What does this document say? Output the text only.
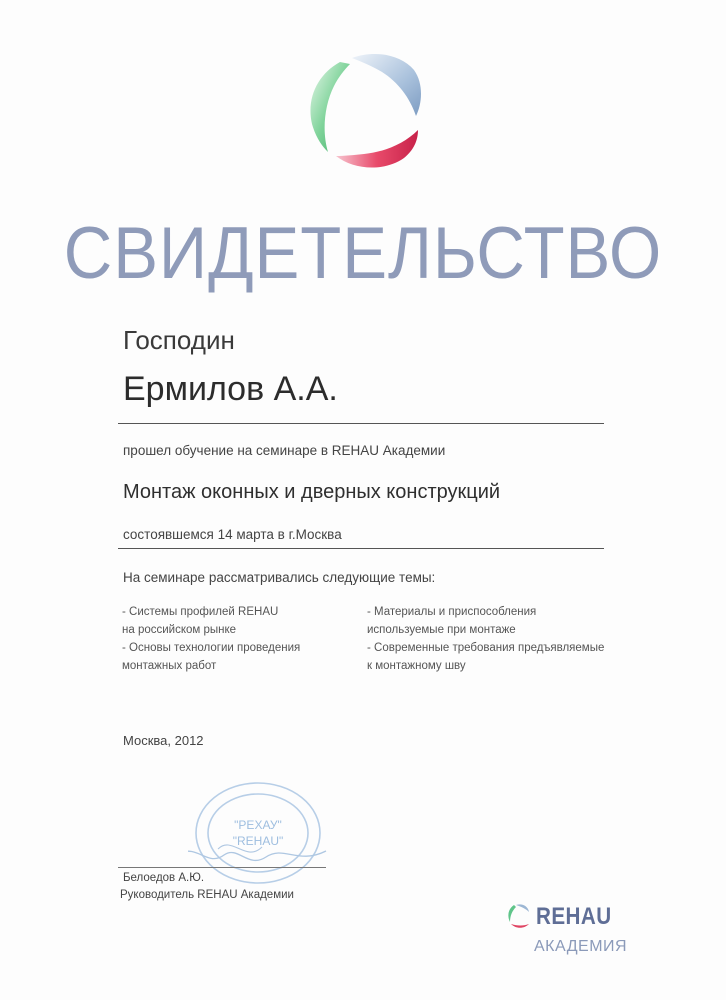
СВИДЕТЕЛЬСТВО
Господин
Ермилов А.А.
прошел обучение на семинаре в REHAU Академии
Монтаж оконных и дверных конструкций
состоявшемся 14 марта в г.Москва
На семинаре рассматривались следующие темы:
- Системы профилей REHAU
на российском рынке
- Основы технологии проведения
монтажных работ
- Материалы и приспособления
используемые при монтаже
- Современные требования предъявляемые
к монтажному шву
Москва, 2012
"РЕХАУ"
"REHAU"
Белоедов А.Ю.
Руководитель REHAU Академии
REHAU
АКАДЕМИЯ
